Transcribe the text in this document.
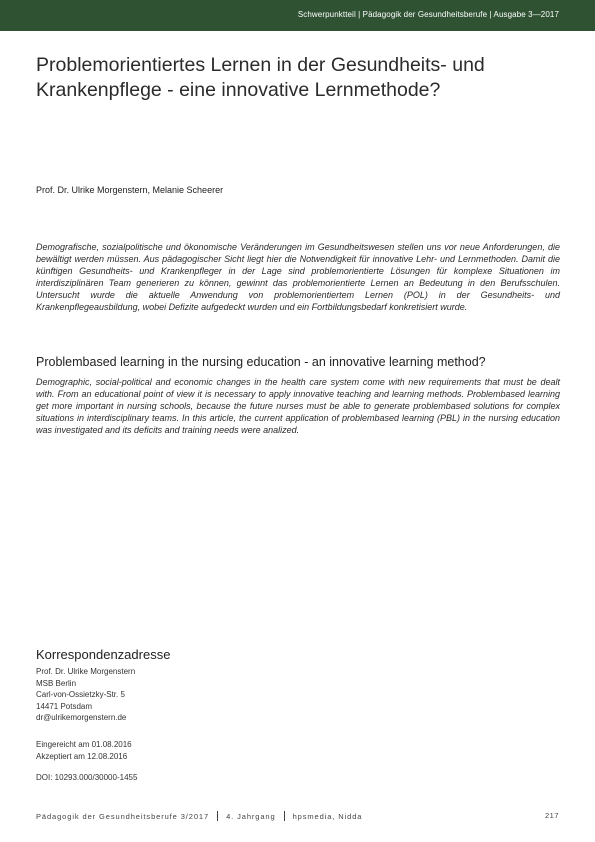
Schwerpunktteil | Pädagogik der Gesundheitsberufe | Ausgabe 3—2017
Problemorientiertes Lernen in der Gesundheits- und Krankenpflege - eine innovative Lernmethode?
Prof. Dr. Ulrike Morgenstern, Melanie Scheerer

Demografische, sozialpolitische und ökonomische Veränderungen im Gesundheitswesen stellen uns vor neue Anforderungen, die bewältigt werden müssen. Aus pädagogischer Sicht liegt hier die Notwendigkeit für innovative Lehr- und Lernmethoden. Damit die künftigen Gesundheits- und Krankenpfleger in der Lage sind problemorientierte Lösungen für komplexe Situationen im interdisziplinären Team generieren zu können, gewinnt das problemorientierte Lernen an Bedeutung in den Berufsschulen. Untersucht wurde die aktuelle Anwendung von problemorientiertem Lernen (POL) in der Gesundheits- und Krankenpflegeausbildung, wobei Defizite aufgedeckt wurden und ein Fortbildungsbedarf konkretisiert wurde.

Problembased learning in the nursing education - an innovative learning method?

Demographic, social-political and economic changes in the health care system come with new requirements that must be dealt with. From an educational point of view it is necessary to apply innovative teaching and learning methods. Problembased learning get more important in nursing schools, because the future nurses must be able to generate problembased solutions for complex situations in interdisciplinary teams. In this article, the current application of problembased learning (PBL) in the nursing education was investigated and its deficits and training needs were analized.

Korrespondenzadresse
Prof. Dr. Ulrike Morgenstern
MSB Berlin
Carl-von-Ossietzky-Str. 5
14471 Potsdam
dr@ulrikemorgenstern.de
Eingereicht am 01.08.2016
Akzeptiert am 12.08.2016
DOI: 10293.000/30000-1455
Pädagogik der Gesundheitsberufe 3/2017 4. Jahrgang hpsmedia, Nidda	217
